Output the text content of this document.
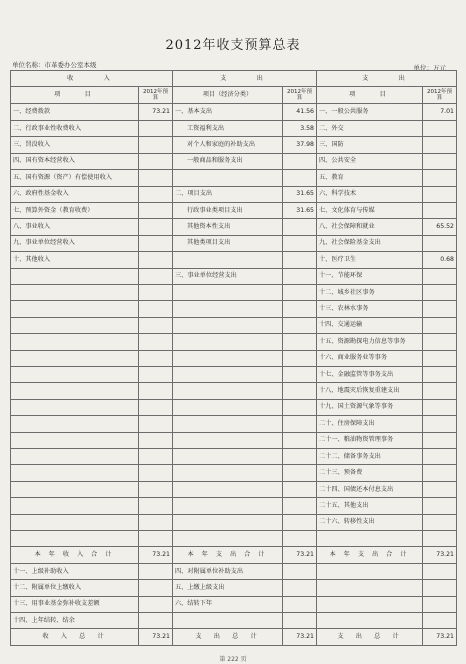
2012年收支预算总表
单位名称：市革委办公室本级	单位：万元
收　　入		支　　出		支　　出	
项　　目	2012年预算	项目（经济分类）	2012年预算	项　　目	2012年预算
一、经费拨款	73.21	一、基本支出	41.56	一、一般公共服务	7.01
二、行政事业性收费收入		工资福利支出	3.58	二、外交	
三、罚没收入		对个人和家庭的补助支出	37.98	三、国防	
四、国有资本经营收入		一般商品和服务支出		四、公共安全	
五、国有资源（资产）有偿使用收入				五、教育	
六、政府性基金收入		二、项目支出	31.65	六、科学技术	
七、预算外资金（教育收费）		行政事业类项目支出	31.65	七、文化体育与传媒	
八、事业收入		其他资本性支出		八、社会保障和就业	65.52
九、事业单位经营收入		其他类项目支出		九、社会保险基金支出	
十、其他收入				十、医疗卫生	0.68
		三、事业单位经营支出		十一、节能环保	
				十二、城乡社区事务	
				十三、农林水事务	
				十四、交通运输	
				十五、资源勘探电力信息等事务	
				十六、商业服务业等事务	
				十七、金融监管等事务支出	
				十八、地震灾后恢复重建支出	
				十九、国土资源气象等事务	
				二十、住房保障支出	
				二十一、粮油物资管理事务	
				二十二、储备事务支出	
				二十三、预备费	
				二十四、国债还本付息支出	
				二十五、其他支出	
				二十六、转移性支出	

本 年 收 入 合 计	73.21	本 年 支 出 合 计	73.21	本 年 支 出 合 计	73.21
十一、上级补助收入		四、对附属单位补助支出			
十二、附属单位上缴收入		五、上缴上级支出			
十三、用事业基金弥补收支差额		六、结转下年			
十四、上年结转、结余					
收　入　总　计	73.21	支　出　总　计	73.21	支　出　总　计	73.21
第 222 页
